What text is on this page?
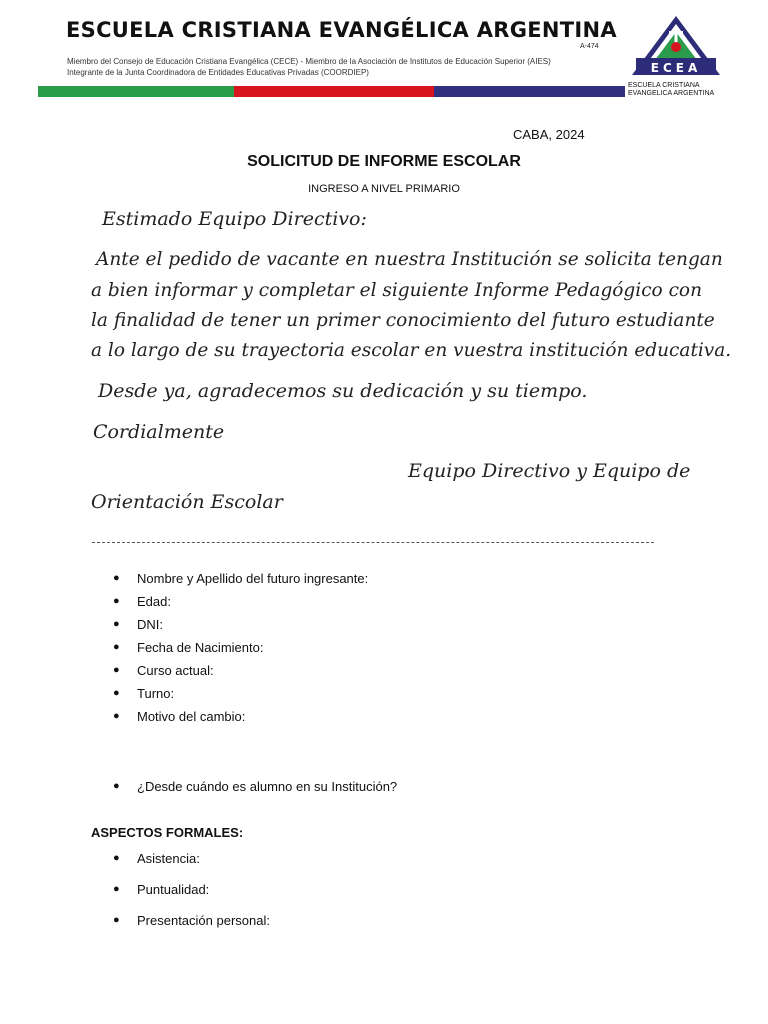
ESCUELA CRISTIANA EVANGÉLICA ARGENTINA
A-474
Miembro del Consejo de Educación Cristiana Evangélica (CECE) - Miembro de la Asociación de Institutos de Educación Superior (AIES)
Integrante de la Junta Coordinadora de Entidades Educativas Privadas (COORDIEP)	ECEA
ESCUELA CRISTIANA
EVANGELICA ARGENTINA
CABA, 2024
SOLICITUD DE INFORME ESCOLAR
INGRESO A NIVEL PRIMARIO
Estimado Equipo Directivo:
Ante el pedido de vacante en nuestra Institución se solicita tengan
a bien informar y completar el siguiente Informe Pedagógico con
la finalidad de tener un primer conocimiento del futuro estudiante
a lo largo de su trayectoria escolar en vuestra institución educativa.
Desde ya, agradecemos su dedicación y su tiempo.
Cordialmente
Equipo Directivo y Equipo de
Orientación Escolar
● Nombre y Apellido del futuro ingresante:
● Edad:
● DNI:
● Fecha de Nacimiento:
● Curso actual:
● Turno:
● Motivo del cambio:
● ¿Desde cuándo es alumno en su Institución?
ASPECTOS FORMALES:
● Asistencia:
● Puntualidad:
● Presentación personal:
